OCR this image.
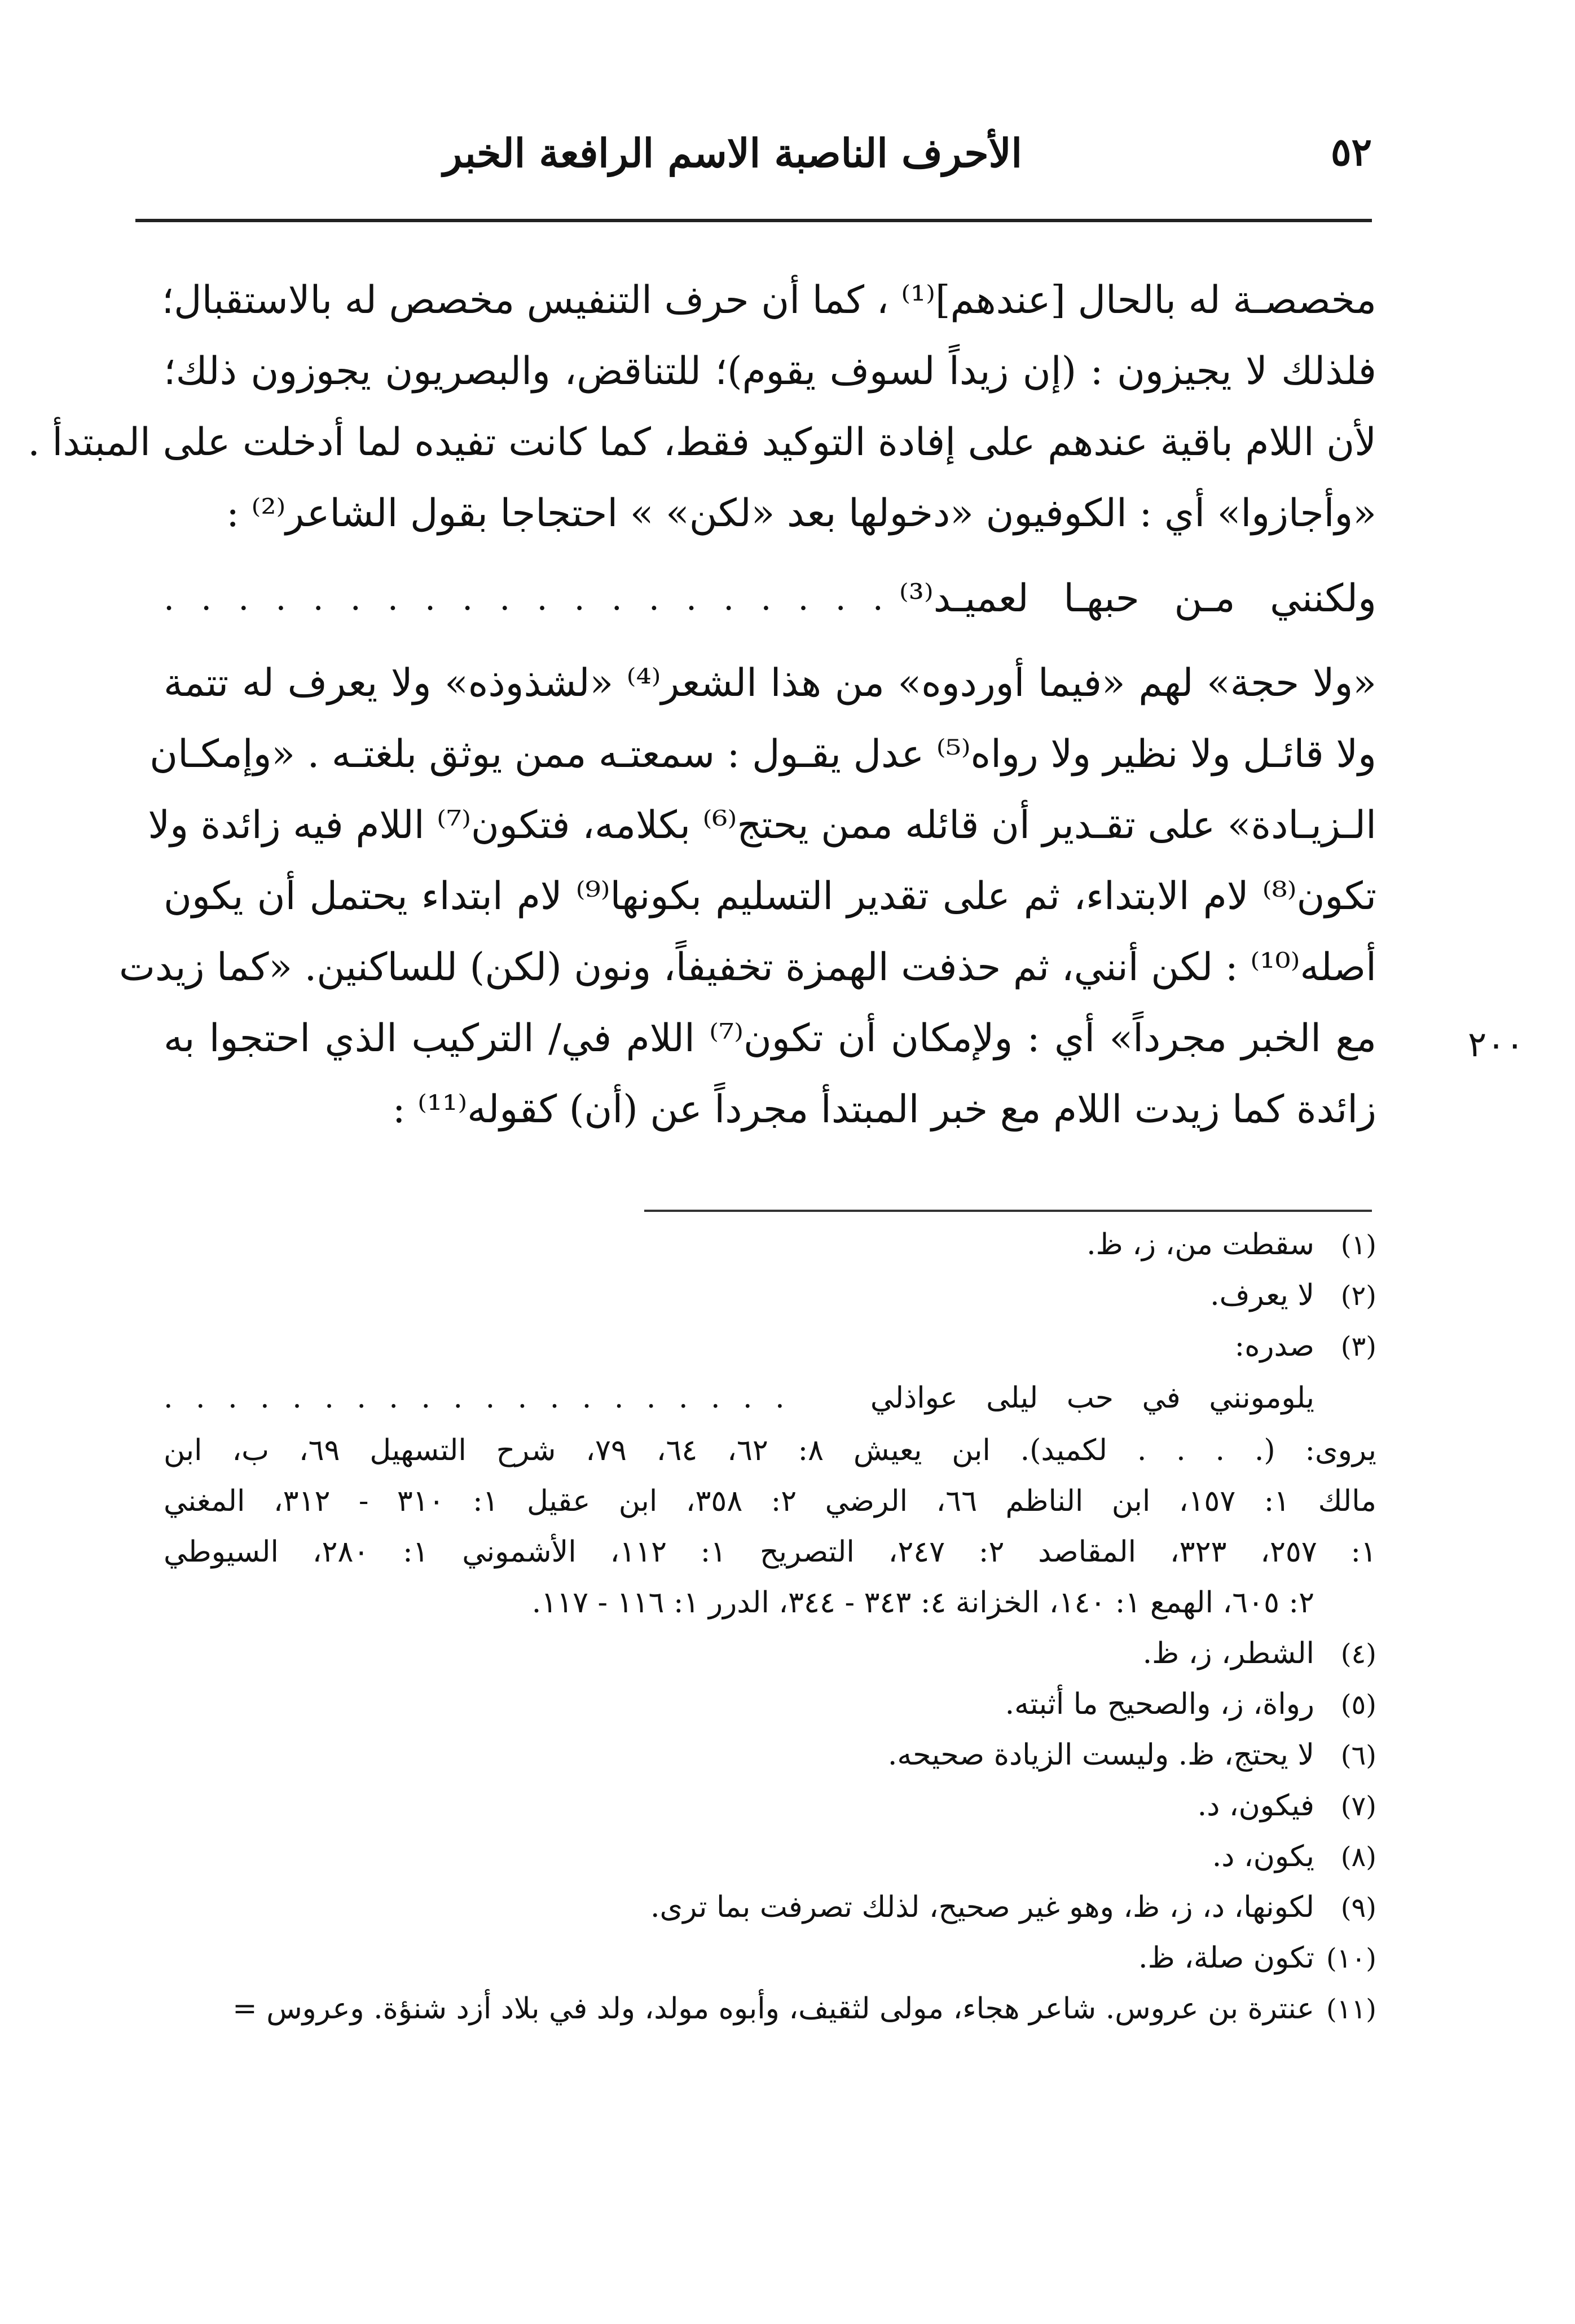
٥٢
الأحرف الناصبة الاسم الرافعة الخبر
مخصصـة له بالحال [عندهم]⁽¹⁾ ، كما أن حرف التنفيس مخصص له بالاستقبال؛
فلذلك لا يجيزون : (إن زيداً لسوف يقوم)؛ للتناقض، والبصريون يجوزون ذلك؛
لأن اللام باقية عندهم على إفادة التوكيد فقط، كما كانت تفيده لما أدخلت على المبتدأ .
«وأجازوا» أي : الكوفيون «دخولها بعد «لكن» » احتجاجا بقول الشاعر⁽²⁾ :
ولكنني مـن حبهـا لعميـد⁽³⁾
. . . . . . . . . . . . . . . . . . . .
«ولا حجة» لهم «فيما أوردوه» من هذا الشعر⁽⁴⁾ «لشذوذه» ولا يعرف له تتمة
ولا قائـل ولا نظير ولا رواه⁽⁵⁾ عدل يقـول : سمعتـه ممن يوثق بلغتـه . «وإمكـان
الـزيـادة» على تقـدير أن قائله ممن يحتج⁽⁶⁾ بكلامه، فتكون⁽⁷⁾ اللام فيه زائدة ولا
تكون⁽⁸⁾ لام الابتداء، ثم على تقدير التسليم بكونها⁽⁹⁾ لام ابتداء يحتمل أن يكون
أصله⁽¹⁰⁾ : لكن أنني، ثم حذفت الهمزة تخفيفاً، ونون (لكن) للساكنين. «كما زيدت
مع الخبر مجرداً» أي : ولإمكان أن تكون⁽⁷⁾ اللام في/ التركيب الذي احتجوا به
زائدة كما زيدت اللام مع خبر المبتدأ مجرداً عن (أن) كقوله⁽¹¹⁾ :
٢٠٠
(١)
سقطت من، ز، ظ.
(٢)
لا يعرف.
(٣)
صدره:
يلومونني في حب ليلى عواذلي
. . . . . . . . . . . . . . . . . . . .
يروى: (. . . . لكميد). ابن يعيش ٨: ٦٢، ٦٤، ٧٩، شرح التسهيل ٦٩، ب، ابن
مالك ١: ١٥٧، ابن الناظم ٦٦، الرضي ٢: ٣٥٨، ابن عقيل ١: ٣١٠ - ٣١٢، المغني
١: ٢٥٧، ٣٢٣، المقاصد ٢: ٢٤٧، التصريح ١: ١١٢، الأشموني ١: ٢٨٠، السيوطي
٢: ٦٠٥، الهمع ١: ١٤٠، الخزانة ٤: ٣٤٣ - ٣٤٤، الدرر ١: ١١٦ - ١١٧.
(٤)
الشطر، ز، ظ.
(٥)
رواة، ز، والصحيح ما أثبته.
(٦)
لا يحتج، ظ. وليست الزيادة صحيحه.
(٧)
فيكون، د.
(٨)
يكون، د.
(٩)
لكونها، د، ز، ظ، وهو غير صحيح، لذلك تصرفت بما ترى.
(١٠)
تكون صلة، ظ.
(١١)
عنترة بن عروس. شاعر هجاء، مولى لثقيف، وأبوه مولد، ولد في بلاد أزد شنؤة. وعروس =
